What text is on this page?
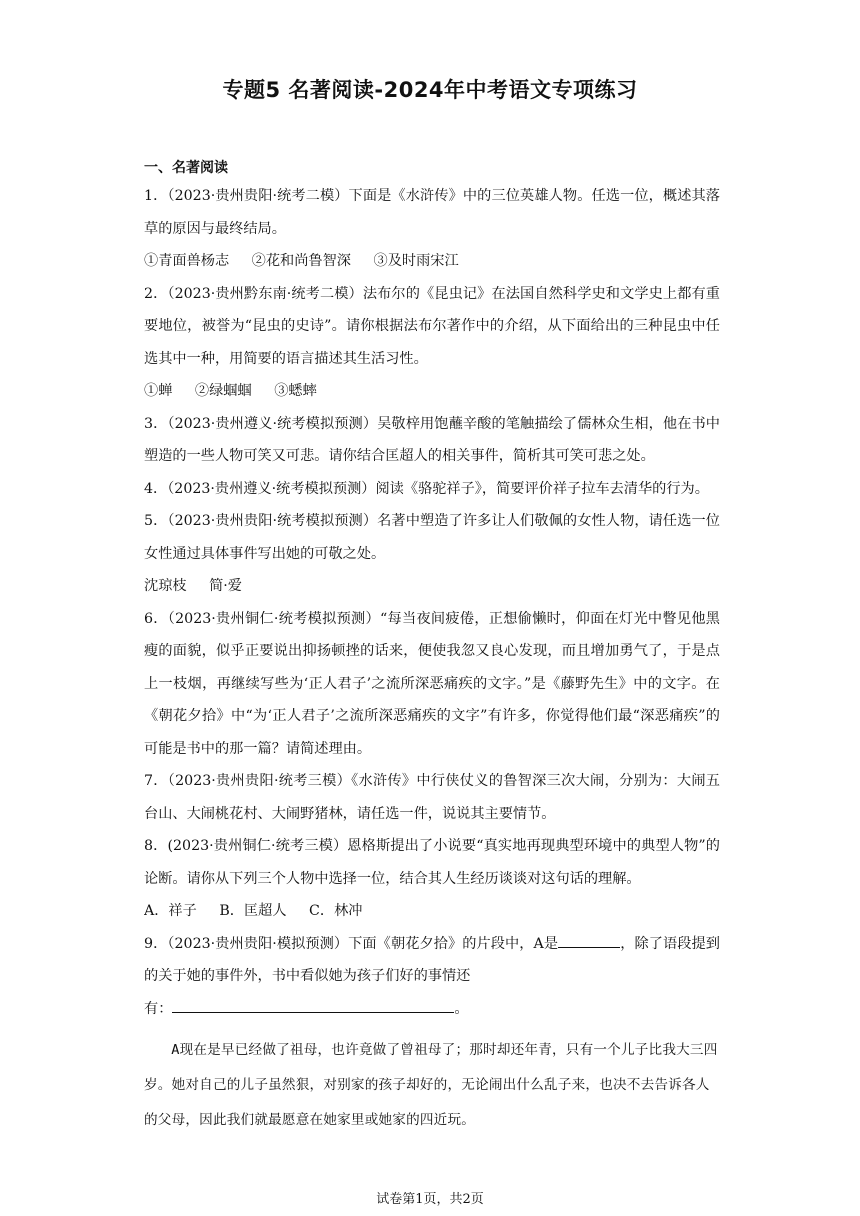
专题5 名著阅读-2024年中考语文专项练习
一、名著阅读
1．（2023·贵州贵阳·统考二模）下面是《水浒传》中的三位英雄人物。任选一位，概述其落草的原因与最终结局。
①青面兽杨志 ②花和尚鲁智深 ③及时雨宋江
2．（2023·贵州黔东南·统考二模）法布尔的《昆虫记》在法国自然科学史和文学史上都有重要地位，被誉为“昆虫的史诗”。请你根据法布尔著作中的介绍，从下面给出的三种昆虫中任选其中一种，用简要的语言描述其生活习性。
①蝉 ②绿蝈蝈 ③蟋蟀
3．（2023·贵州遵义·统考模拟预测）吴敬梓用饱蘸辛酸的笔触描绘了儒林众生相，他在书中塑造的一些人物可笑又可悲。请你结合匡超人的相关事件，简析其可笑可悲之处。
4．（2023·贵州遵义·统考模拟预测）阅读《骆驼祥子》，简要评价祥子拉车去清华的行为。
5．（2023·贵州贵阳·统考模拟预测）名著中塑造了许多让人们敬佩的女性人物，请任选一位女性通过具体事件写出她的可敬之处。
沈琼枝 简·爱
6．（2023·贵州铜仁·统考模拟预测）“每当夜间疲倦，正想偷懒时，仰面在灯光中瞥见他黑瘦的面貌，似乎正要说出抑扬顿挫的话来，便使我忽又良心发现，而且增加勇气了，于是点上一枝烟，再继续写些为‘正人君子’之流所深恶痛疾的文字。”是《藤野先生》中的文字。在《朝花夕拾》中“为‘正人君子’之流所深恶痛疾的文字”有许多，你觉得他们最“深恶痛疾”的可能是书中的那一篇？请简述理由。
7．（2023·贵州贵阳·统考三模）《水浒传》中行侠仗义的鲁智深三次大闹，分别为：大闹五台山、大闹桃花村、大闹野猪林，请任选一件，说说其主要情节。
8．(2023·贵州铜仁·统考三模）恩格斯提出了小说要“真实地再现典型环境中的典型人物”的论断。请你从下列三个人物中选择一位，结合其人生经历谈谈对这句话的理解。
A．祥子 B．匡超人 C．林冲
9．（2023·贵州贵阳·模拟预测）下面《朝花夕拾》的片段中，A是	，除了语段提到的关于她的事件外，书中看似她为孩子们好的事情还
有：	。
A现在是早已经做了祖母，也许竟做了曾祖母了；那时却还年青，只有一个儿子比我大三四岁。她对自己的儿子虽然狠，对别家的孩子却好的，无论闹出什么乱子来，也决不去告诉各人的父母，因此我们就最愿意在她家里或她家的四近玩。
试卷第1页，共2页
